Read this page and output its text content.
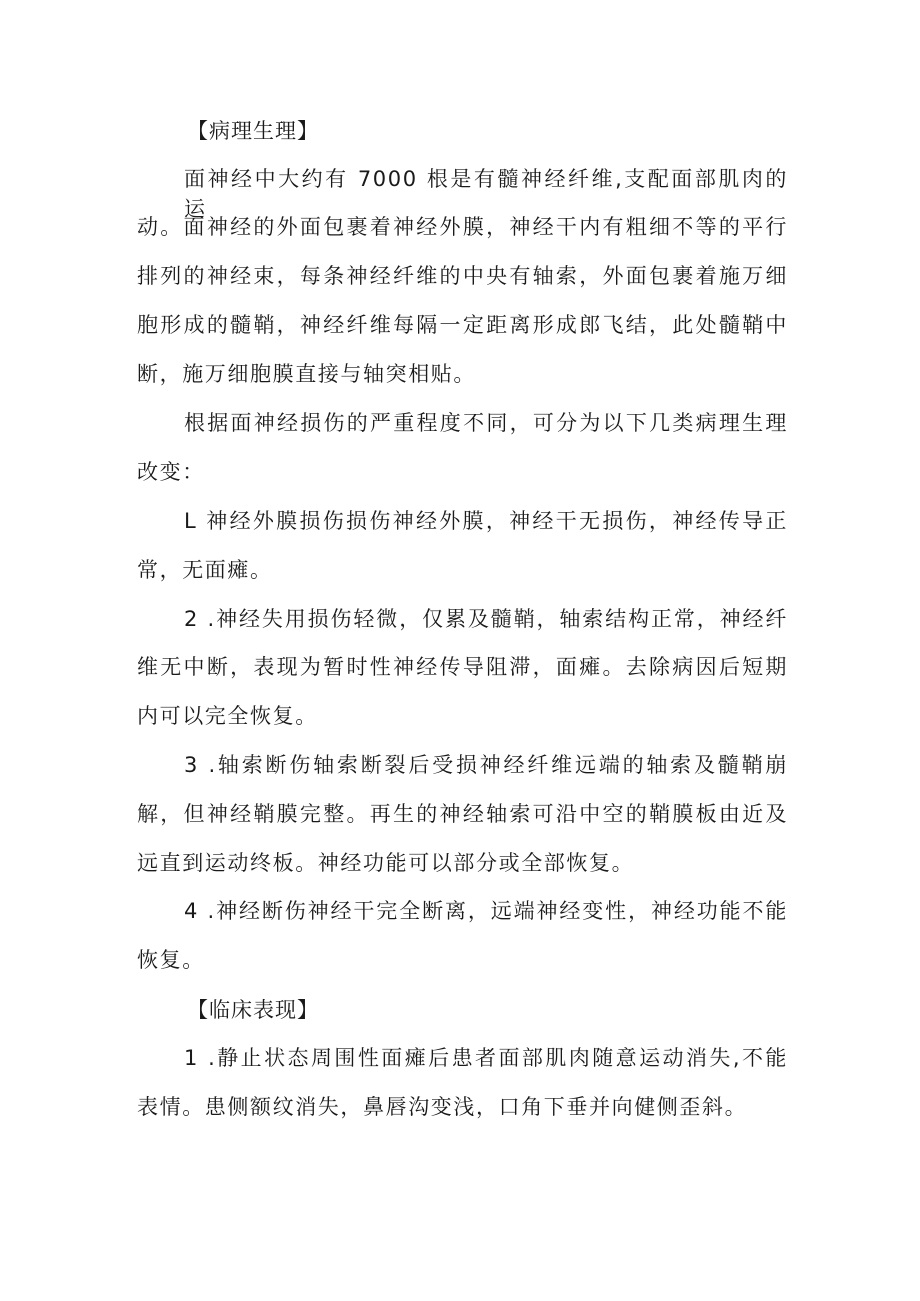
【病理生理】
面神经中大约有 7000 根是有髓神经纤维,支配面部肌肉的运
动。面神经的外面包裹着神经外膜，神经干内有粗细不等的平行
排列的神经束，每条神经纤维的中央有轴索，外面包裹着施万细
胞形成的髓鞘，神经纤维每隔一定距离形成郎飞结，此处髓鞘中
断，施万细胞膜直接与轴突相贴。
根据面神经损伤的严重程度不同，可分为以下几类病理生理
改变：
L 神经外膜损伤损伤神经外膜，神经干无损伤，神经传导正
常，无面瘫。
2 .神经失用损伤轻微，仅累及髓鞘，轴索结构正常，神经纤
维无中断，表现为暂时性神经传导阻滞，面瘫。去除病因后短期
内可以完全恢复。
3 .轴索断伤轴索断裂后受损神经纤维远端的轴索及髓鞘崩
解，但神经鞘膜完整。再生的神经轴索可沿中空的鞘膜板由近及
远直到运动终板。神经功能可以部分或全部恢复。
4 .神经断伤神经干完全断离，远端神经变性，神经功能不能
恢复。
【临床表现】
1 .静止状态周围性面瘫后患者面部肌肉随意运动消失,不能
表情。患侧额纹消失，鼻唇沟变浅，口角下垂并向健侧歪斜。
